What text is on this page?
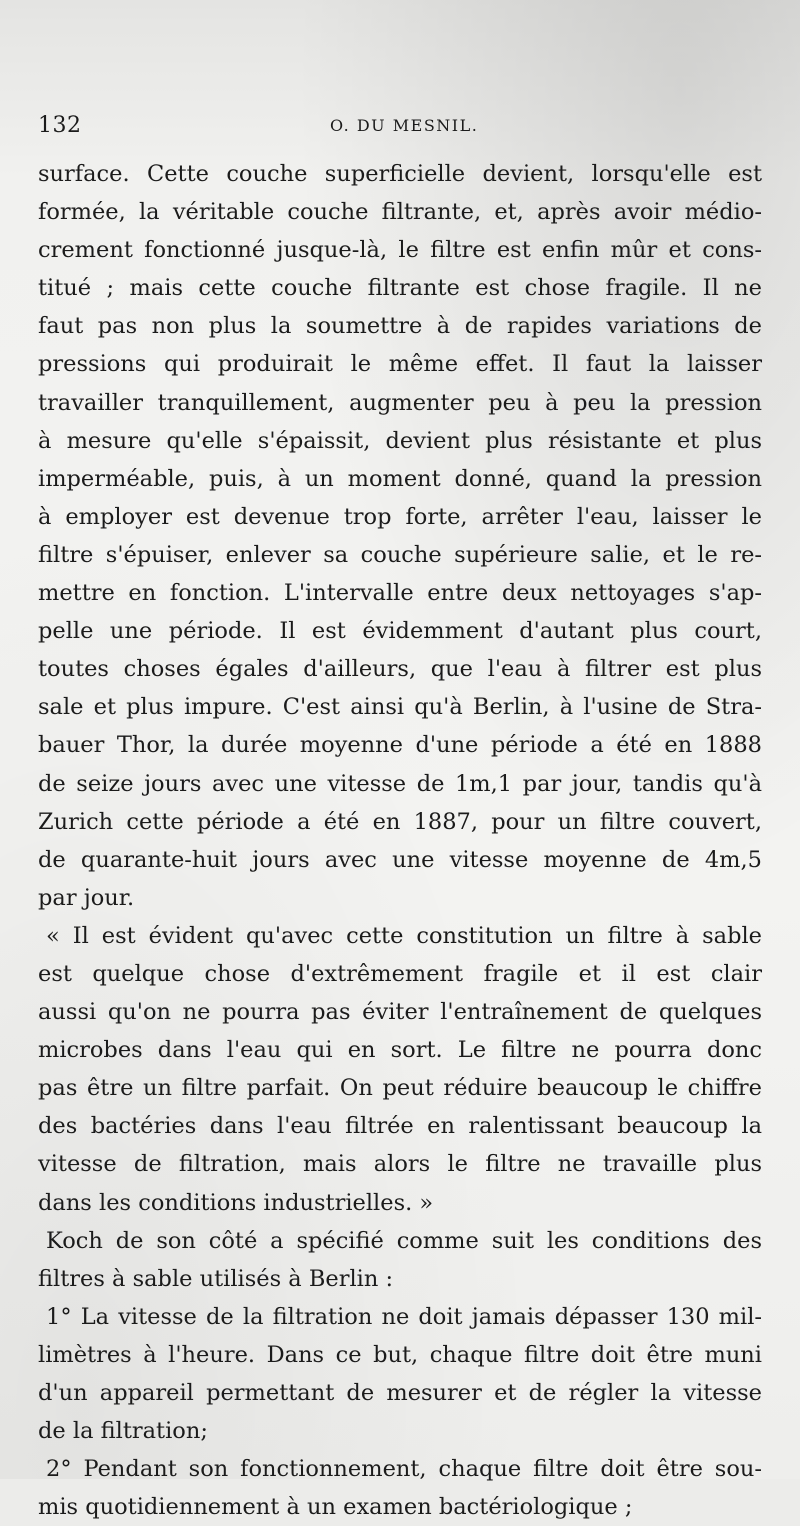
132	O. DU MESNIL.
surface. Cette couche superficielle devient, lorsqu'elle est
formée, la véritable couche filtrante, et, après avoir médio-
crement fonctionné jusque-là, le filtre est enfin mûr et cons-
titué ; mais cette couche filtrante est chose fragile. Il ne
faut pas non plus la soumettre à de rapides variations de
pressions qui produirait le même effet. Il faut la laisser
travailler tranquillement, augmenter peu à peu la pression
à mesure qu'elle s'épaissit, devient plus résistante et plus
imperméable, puis, à un moment donné, quand la pression
à employer est devenue trop forte, arrêter l'eau, laisser le
filtre s'épuiser, enlever sa couche supérieure salie, et le re-
mettre en fonction. L'intervalle entre deux nettoyages s'ap-
pelle une période. Il est évidemment d'autant plus court,
toutes choses égales d'ailleurs, que l'eau à filtrer est plus
sale et plus impure. C'est ainsi qu'à Berlin, à l'usine de Stra-
bauer Thor, la durée moyenne d'une période a été en 1888
de seize jours avec une vitesse de 1m,1 par jour, tandis qu'à
Zurich cette période a été en 1887, pour un filtre couvert,
de quarante-huit jours avec une vitesse moyenne de 4m,5
par jour.
« Il est évident qu'avec cette constitution un filtre à sable
est quelque chose d'extrêmement fragile et il est clair
aussi qu'on ne pourra pas éviter l'entraînement de quelques
microbes dans l'eau qui en sort. Le filtre ne pourra donc
pas être un filtre parfait. On peut réduire beaucoup le chiffre
des bactéries dans l'eau filtrée en ralentissant beaucoup la
vitesse de filtration, mais alors le filtre ne travaille plus
dans les conditions industrielles. »
Koch de son côté a spécifié comme suit les conditions des
filtres à sable utilisés à Berlin :
1° La vitesse de la filtration ne doit jamais dépasser 130 mil-
limètres à l'heure. Dans ce but, chaque filtre doit être muni
d'un appareil permettant de mesurer et de régler la vitesse
de la filtration;
2° Pendant son fonctionnement, chaque filtre doit être sou-
mis quotidiennement à un examen bactériologique ;
